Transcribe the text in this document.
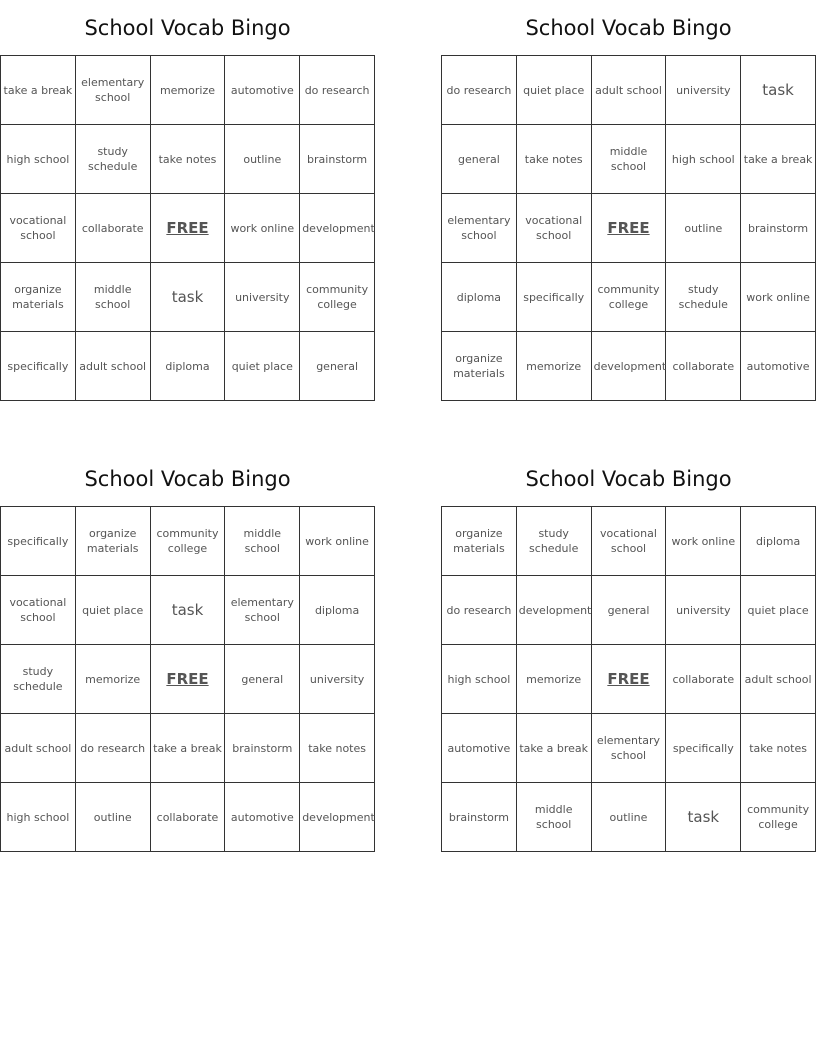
School Vocab Bingo
take a break	elementary school	memorize	automotive	do research
high school	study schedule	take notes	outline	brainstorm
vocational school	collaborate	FREE	work online	development
organize materials	middle school	task	university	community college
specifically	adult school	diploma	quiet place	general
School Vocab Bingo
do research	quiet place	adult school	university	task
general	take notes	middle school	high school	take a break
elementary school	vocational school	FREE	outline	brainstorm
diploma	specifically	community college	study schedule	work online
organize materials	memorize	development	collaborate	automotive
School Vocab Bingo
specifically	organize materials	community college	middle school	work online
vocational school	quiet place	task	elementary school	diploma
study schedule	memorize	FREE	general	university
adult school	do research	take a break	brainstorm	take notes
high school	outline	collaborate	automotive	development
School Vocab Bingo
organize materials	study schedule	vocational school	work online	diploma
do research	development	general	university	quiet place
high school	memorize	FREE	collaborate	adult school
automotive	take a break	elementary school	specifically	take notes
brainstorm	middle school	outline	task	community college
